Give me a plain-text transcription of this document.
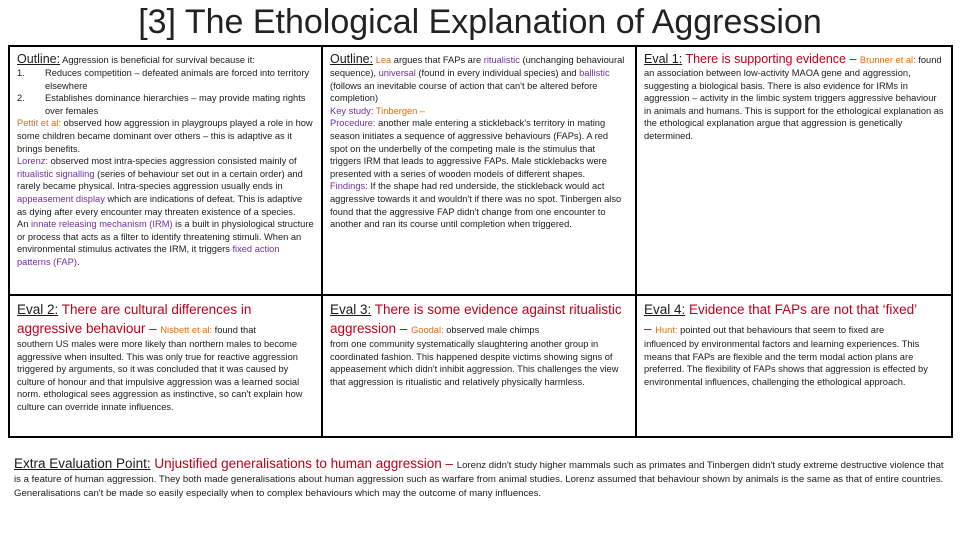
[3] The Ethological Explanation of Aggression

Outline: Aggression is beneficial for survival because it:

1. Reduces competition – defeated animals are forced into territory elsewhere
2. Establishes dominance hierarchies – may provide mating rights over females

Pettit et al: observed how aggression in playgroups played a role in how some children became dominant over others – this is adaptive as it brings benefits.

Lorenz: observed most intra-species aggression consisted mainly of ritualistic signalling (series of behaviour set out in a certain order) and rarely became physical. Intra-species aggression usually ends in appeasement display which are indications of defeat. This is adaptive as dying after every encounter may threaten existence of a species.

An innate releasing mechanism (IRM) is a built in physiological structure or process that acts as a filter to identify threatening stimuli. When an environmental stimulus activates the IRM, it triggers fixed action patterns (FAP).

Outline: Lea argues that FAPs are ritualistic (unchanging behavioural sequence), universal (found in every individual species) and ballistic (follows an inevitable course of action that can't be altered before completion)

Key study: Tinbergen –

Procedure: another male entering a stickleback's territory in mating season initiates a sequence of aggressive behaviours (FAPs). A red spot on the underbelly of the competing male is the stimulus that triggers IRM that leads to aggressive FAPs. Male sticklebacks were presented with a series of wooden models of different shapes.

Findings: If the shape had red underside, the stickleback would act aggressive towards it and wouldn't if there was no spot. Tinbergen also found that the aggressive FAP didn't change from one encounter to another and ran its course until completion when triggered.

Eval 1: There is supporting evidence – Brunner et al: found an association between low-activity MAOA gene and aggression, suggesting a biological basis. There is also evidence for IRMs in aggression – activity in the limbic system triggers aggressive behaviour in animals and humans. This is support for the ethological explanation as the ethological explanation argue that aggression is genetically determined.

Eval 2: There are cultural differences in aggressive behaviour – Nisbett et al: found that

southern US males were more likely than northern males to become aggressive when insulted. This was only true for reactive aggression triggered by arguments, so it was concluded that it was caused by culture of honour and that impulsive aggression was a learned social norm. ethological sees aggression as instinctive, so can't explain how culture can override innate influences.

Eval 3: There is some evidence against ritualistic aggression – Goodal: observed male chimps

from one community systematically slaughtering another group in coordinated fashion. This happened despite victims showing signs of appeasement which didn't inhibit aggression. This challenges the view that aggression is ritualistic and relatively physically harmless.

Eval 4: Evidence that FAPs are not that ‘fixed’

– Hunt: pointed out that behaviours that seem to fixed are

influenced by environmental factors and learning experiences. This means that FAPs are flexible and the term modal action plans are preferred. The flexibility of FAPs shows that aggression is effected by environmental influences, challenging the ethological approach.

Extra Evaluation Point: Unjustified generalisations to human aggression – Lorenz didn't study higher mammals such as primates and Tinbergen didn't study extreme destructive violence that is a feature of human aggression. They both made generalisations about human aggression such as warfare from animal studies. Lorenz assumed that behaviour shown by animals is the same as that of entire countries. Generalisations can't be made so easily especially when to complex behaviours which may the outcome of many influences.
